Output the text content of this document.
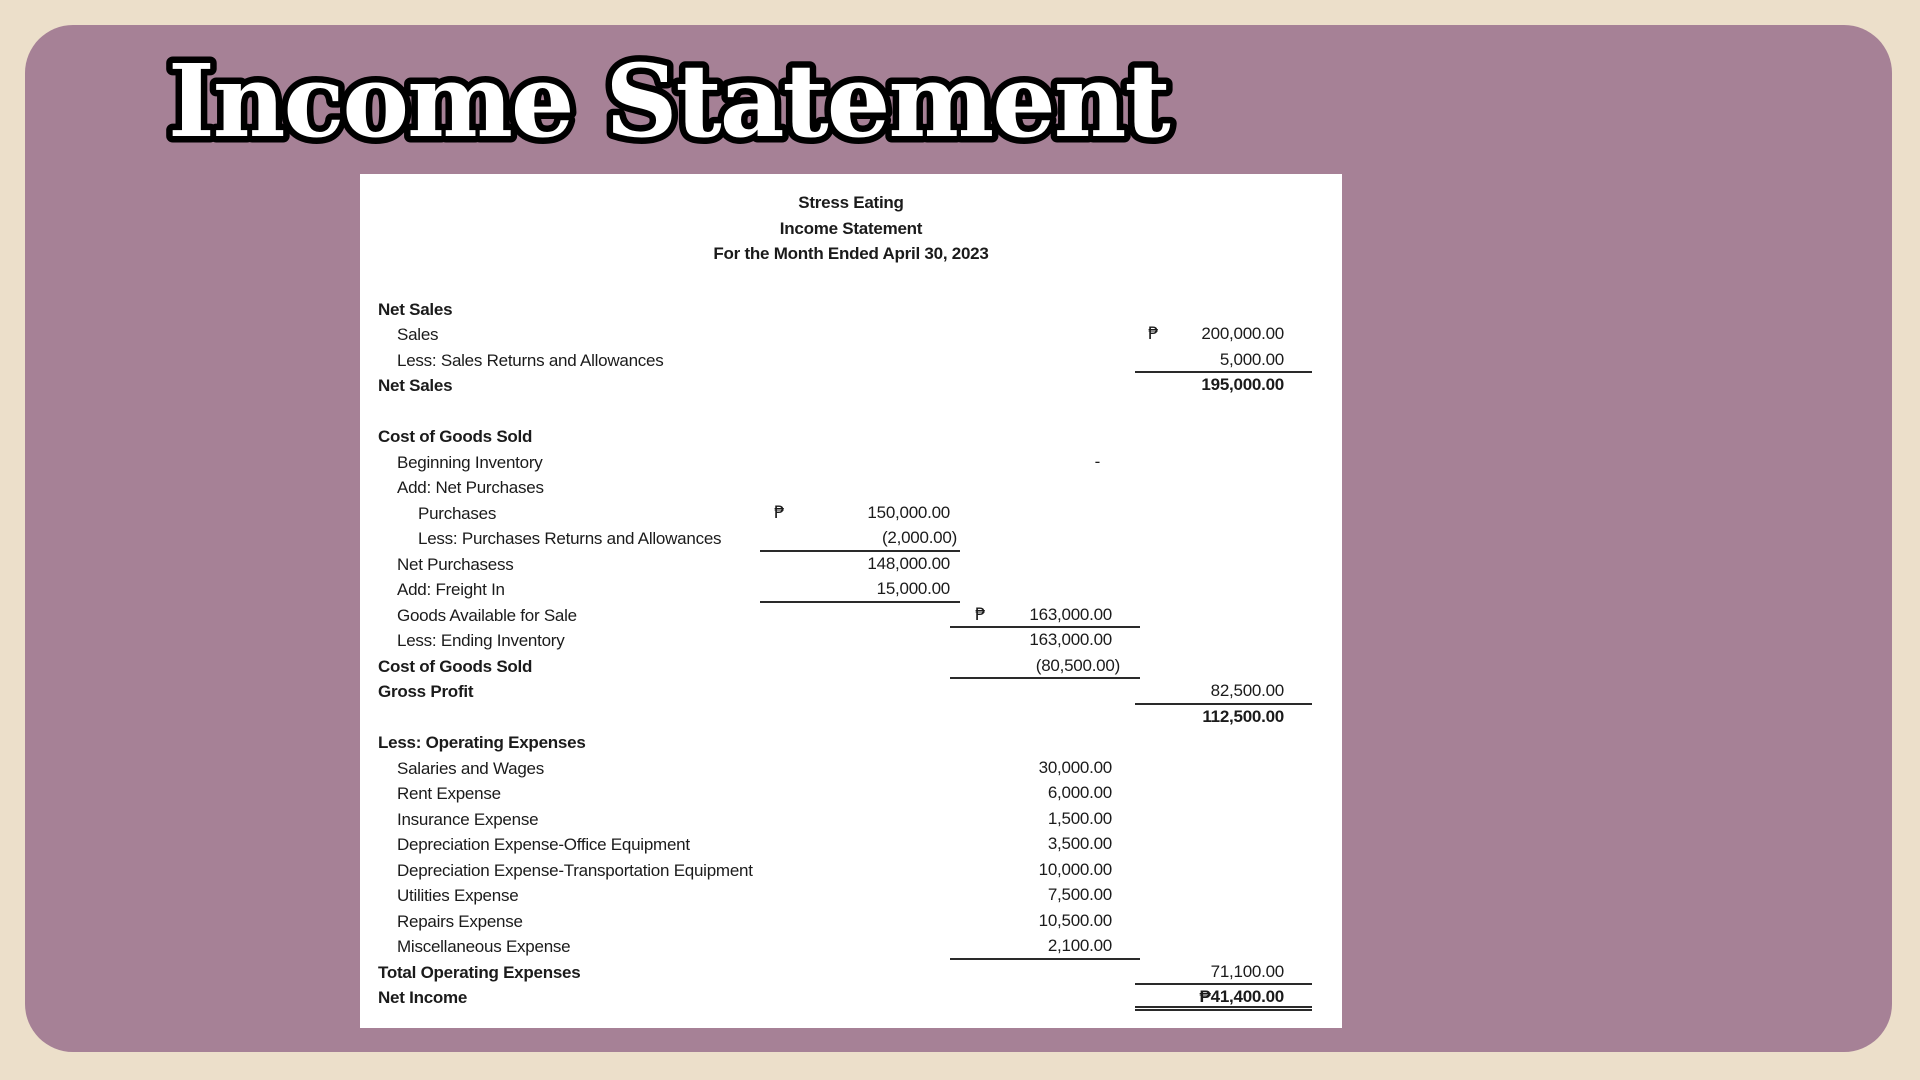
Income Statement
Stress Eating
Income Statement
For the Month Ended April 30, 2023
Net Sales
Sales	₱	200,000.00
Less: Sales Returns and Allowances	5,000.00
Net Sales	195,000.00
Cost of Goods Sold
Beginning Inventory	-
Add: Net Purchases
Purchases	₱	150,000.00
Less: Purchases Returns and Allowances	(2,000.00)
Net Purchasess	148,000.00
Add: Freight In	15,000.00
Goods Available for Sale	₱	163,000.00
Less: Ending Inventory	163,000.00
Cost of Goods Sold	(80,500.00)
Gross Profit	82,500.00
112,500.00
Less: Operating Expenses
Salaries and Wages	30,000.00
Rent Expense	6,000.00
Insurance Expense	1,500.00
Depreciation Expense-Office Equipment	3,500.00
Depreciation Expense-Transportation Equipment	10,000.00
Utilities Expense	7,500.00
Repairs Expense	10,500.00
Miscellaneous Expense	2,100.00
Total Operating Expenses	71,100.00
Net Income	₱41,400.00
